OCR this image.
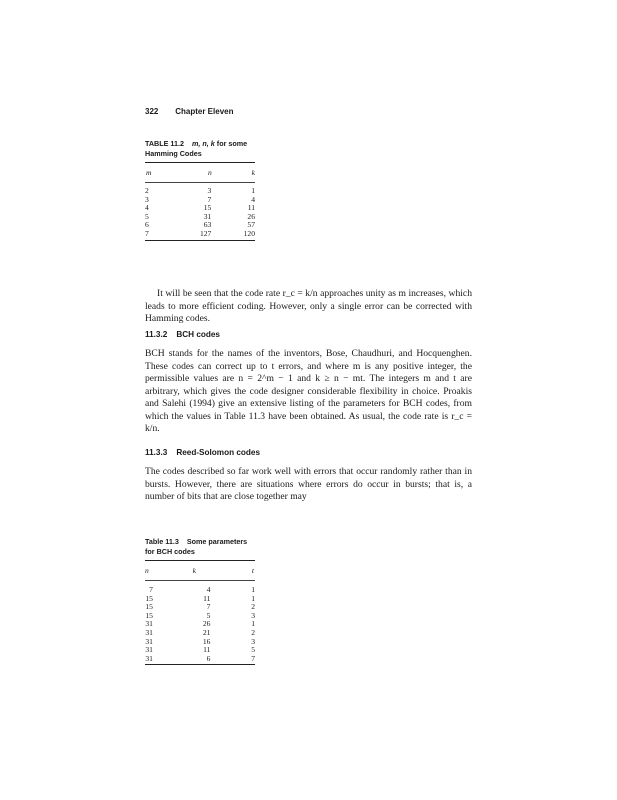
322 Chapter Eleven
TABLE 11.2 m, n, k for some
Hamming Codes
m	n	k
2	3	1
3	7	4
4	15	11
5	31	26
6	63	57
7	127	120
It will be seen that the code rate r_c = k/n approaches unity as m increases, which leads to more efficient coding. However, only a single error can be corrected with Hamming codes.
11.3.2 BCH codes
BCH stands for the names of the inventors, Bose, Chaudhuri, and Hocquenghen. These codes can correct up to t errors, and where m is any positive integer, the permissible values are n = 2^m − 1 and k ≥ n − mt. The integers m and t are arbitrary, which gives the code designer considerable flexibility in choice. Proakis and Salehi (1994) give an extensive listing of the parameters for BCH codes, from which the values in Table 11.3 have been obtained. As usual, the code rate is r_c = k/n.
11.3.3 Reed-Solomon codes
The codes described so far work well with errors that occur randomly rather than in bursts. However, there are situations where errors do occur in bursts; that is, a number of bits that are close together may
Table 11.3 Some parameters
for BCH codes
n	k	t
7	4	1
15	11	1
15	7	2
15	5	3
31	26	1
31	21	2
31	16	3
31	11	5
31	6	7
